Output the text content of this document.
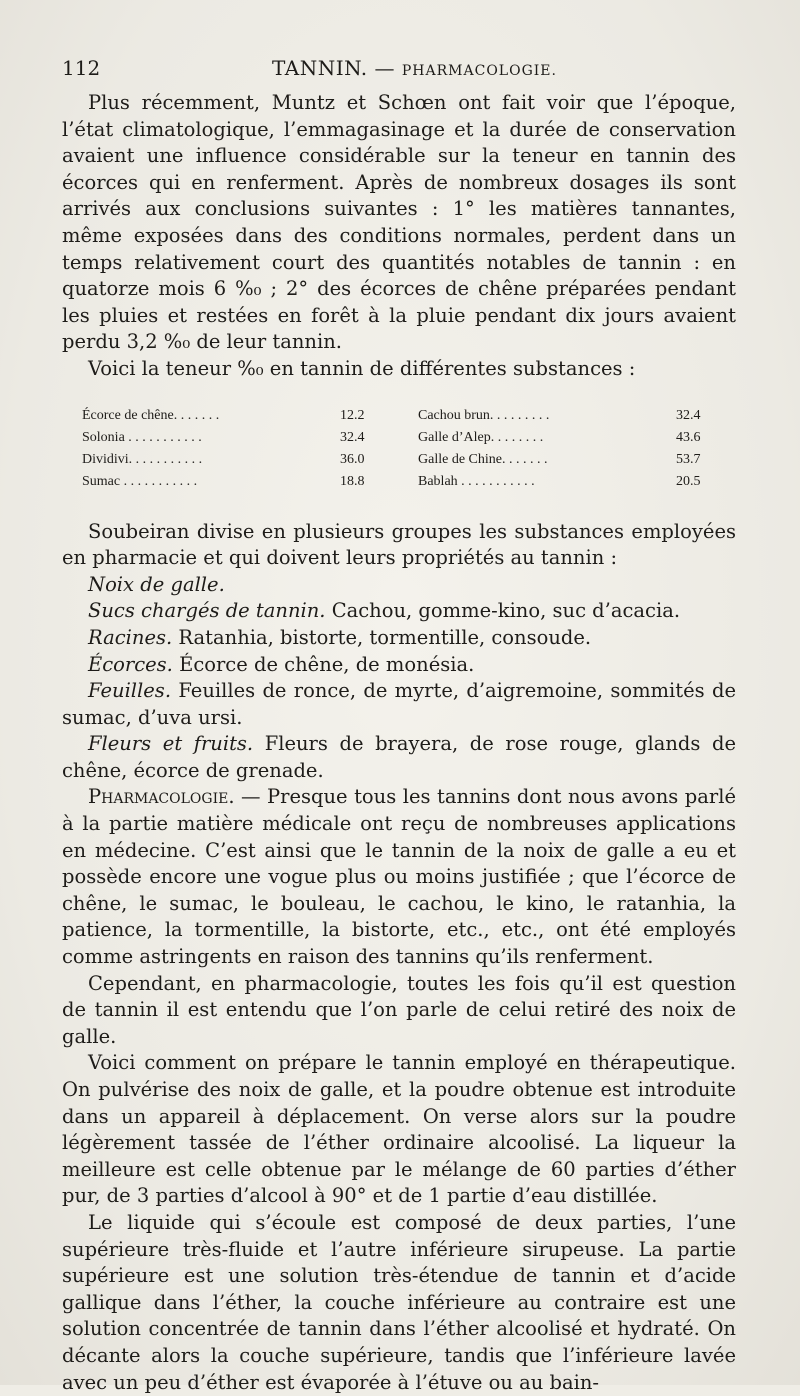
112	TANNIN. — PHARMACOLOGIE.

Plus récemment, Muntz et Schœn ont fait voir que l’époque, l’état climatologique, l’emmagasinage et la durée de conservation avaient une influence considérable sur la teneur en tannin des écorces qui en renferment. Après de nombreux dosages ils sont arrivés aux conclusions suivantes : 1° les matières tannantes, même exposées dans des conditions normales, perdent dans un temps relativement court des quantités notables de tannin : en quatorze mois 6 %₀ ; 2° des écorces de chêne préparées pendant les pluies et restées en forêt à la pluie pendant dix jours avaient perdu 3,2 %₀ de leur tannin.

Voici la teneur %₀ en tannin de différentes substances :

Écorce de chêne. . . . . . .	12.2		Cachou brun. . . . . . . . .	32.4
Solonia . . . . . . . . . . .	32.4		Galle d’Alep. . . . . . . .	43.6
Dividivi. . . . . . . . . . .	36.0		Galle de Chine. . . . . . .	53.7
Sumac . . . . . . . . . . .	18.8		Bablah . . . . . . . . . . .	20.5

Soubeiran divise en plusieurs groupes les substances employées en pharmacie et qui doivent leurs propriétés au tannin :

Noix de galle.

Sucs chargés de tannin. Cachou, gomme-kino, suc d’acacia.

Racines. Ratanhia, bistorte, tormentille, consoude.

Écorces. Écorce de chêne, de monésia.

Feuilles. Feuilles de ronce, de myrte, d’aigremoine, sommités de sumac, d’uva ursi.

Fleurs et fruits. Fleurs de brayera, de rose rouge, glands de chêne, écorce de grenade.

Pharmacologie. — Presque tous les tannins dont nous avons parlé à la partie matière médicale ont reçu de nombreuses applications en médecine. C’est ainsi que le tannin de la noix de galle a eu et possède encore une vogue plus ou moins justifiée ; que l’écorce de chêne, le sumac, le bouleau, le cachou, le kino, le ratanhia, la patience, la tormentille, la bistorte, etc., etc., ont été employés comme astringents en raison des tannins qu’ils renferment.

Cependant, en pharmacologie, toutes les fois qu’il est question de tannin il est entendu que l’on parle de celui retiré des noix de galle.

Voici comment on prépare le tannin employé en thérapeutique. On pulvérise des noix de galle, et la poudre obtenue est introduite dans un appareil à déplacement. On verse alors sur la poudre légèrement tassée de l’éther ordinaire alcoolisé. La liqueur la meilleure est celle obtenue par le mélange de 60 parties d’éther pur, de 3 parties d’alcool à 90° et de 1 partie d’eau distillée.

Le liquide qui s’écoule est composé de deux parties, l’une supérieure très-fluide et l’autre inférieure sirupeuse. La partie supérieure est une solution très-étendue de tannin et d’acide gallique dans l’éther, la couche inférieure au contraire est une solution concentrée de tannin dans l’éther alcoolisé et hydraté. On décante alors la couche supérieure, tandis que l’inférieure lavée avec un peu d’éther est évaporée à l’étuve ou au bain-
